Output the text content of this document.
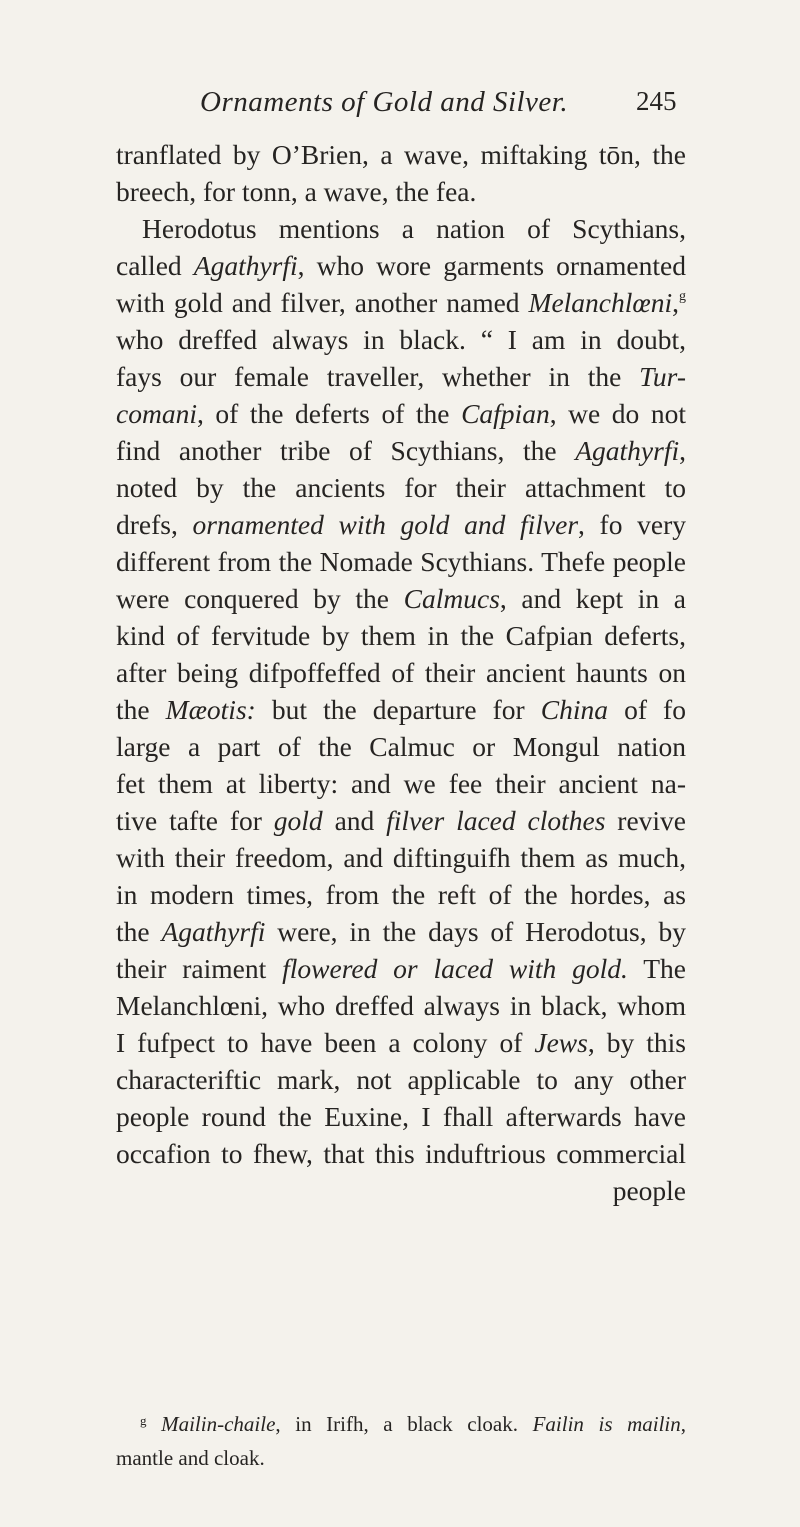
Ornaments of Gold and Silver.	245
tranflated by O’Brien, a wave, miftaking tōn, the
breech, for tonn, a wave, the fea.
Herodotus mentions a nation of Scythians,
called Agathyrfi, who wore garments ornamented
with gold and filver, another named Melanchlœni,$^g$
who dreffed always in black. “ I am in doubt,
fays our female traveller, whether in the Tur-
comani, of the deferts of the Cafpian, we do not
find another tribe of Scythians, the Agathyrfi,
noted by the ancients for their attachment to
drefs, ornamented with gold and filver, fo very
different from the Nomade Scythians. Thefe people
were conquered by the Calmucs, and kept in a
kind of fervitude by them in the Cafpian deferts,
after being difpoffeffed of their ancient haunts on
the Mæotis: but the departure for China of fo
large a part of the Calmuc or Mongul nation
fet them at liberty: and we fee their ancient na-
tive tafte for gold and filver laced clothes revive
with their freedom, and diftinguifh them as much,
in modern times, from the reft of the hordes, as
the Agathyrfi were, in the days of Herodotus, by
their raiment flowered or laced with gold. The
Melanchlœni, who dreffed always in black, whom
I fufpect to have been a colony of Jews, by this
characteriftic mark, not applicable to any other
people round the Euxine, I fhall afterwards have
occafion to fhew, that this induftrious commercial
people
$^g$ Mailin-chaile, in Irifh, a black cloak. Failin is mailin,
mantle and cloak.
